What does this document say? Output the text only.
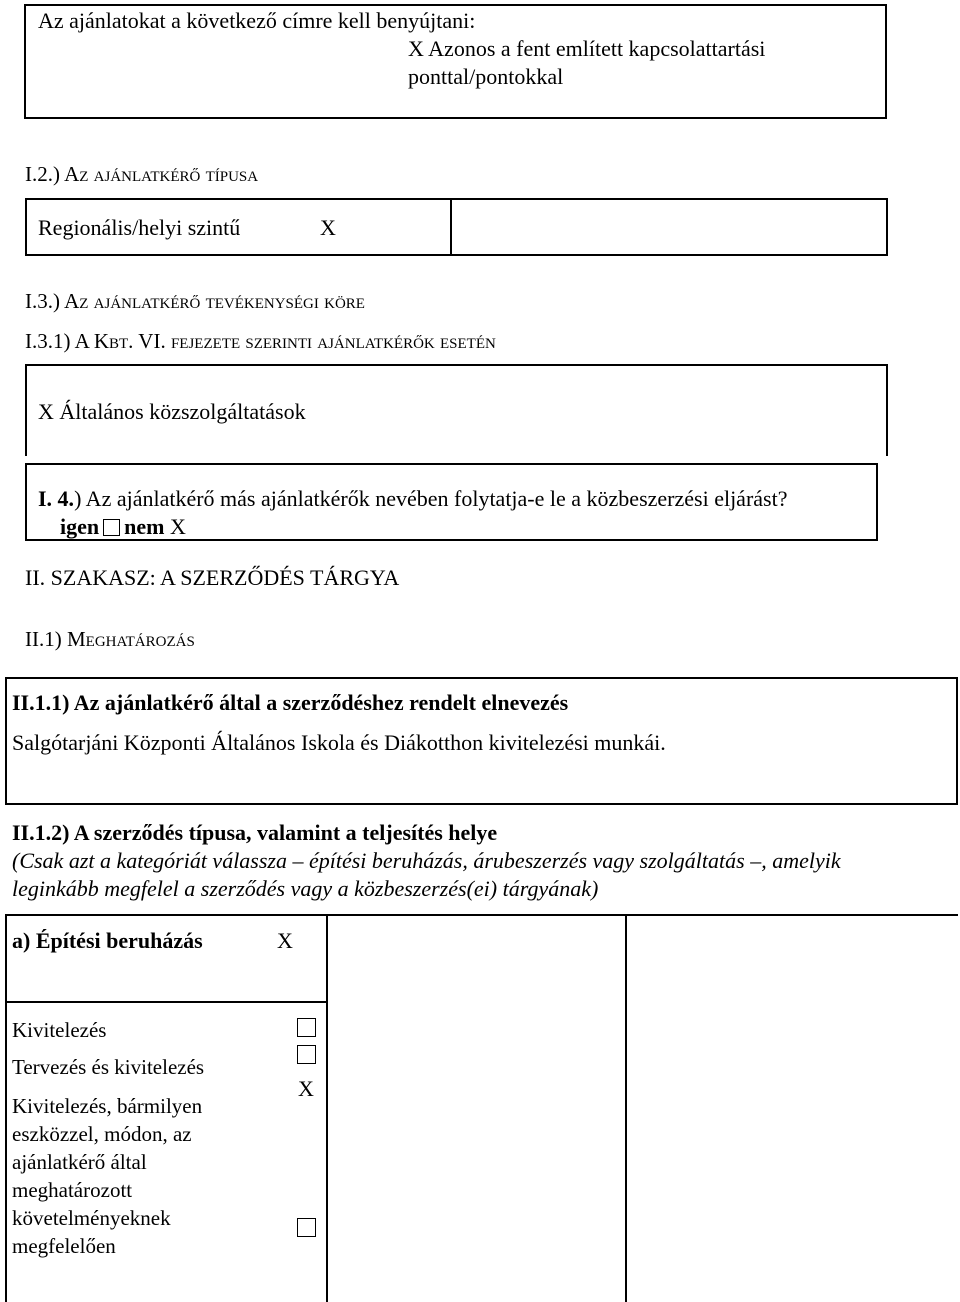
Az ajánlatokat a következő címre kell benyújtani:
X Azonos a fent említett kapcsolattartási
ponttal/pontokkal
I.2.) Az ajánlatkérő típusa
Regionális/helyi szintű	X
I.3.) Az ajánlatkérő tevékenységi köre
I.3.1) A Kbt. VI. fejezete szerinti ajánlatkérők esetén
X Általános közszolgáltatások
I. 4.) Az ajánlatkérő más ajánlatkérők nevében folytatja-e le a közbeszerzési eljárást?
igen nem X
II. SZAKASZ: A SZERZŐDÉS TÁRGYA
II.1) Meghatározás
II.1.1) Az ajánlatkérő által a szerződéshez rendelt elnevezés
Salgótarjáni Központi Általános Iskola és Diákotthon kivitelezési munkái.
II.1.2) A szerződés típusa, valamint a teljesítés helye
(Csak azt a kategóriát válassza – építési beruházás, árubeszerzés vagy szolgáltatás –, amelyik
leginkább megfelel a szerződés vagy a közbeszerzés(ei) tárgyának)
a) Építési beruházás	X
Kivitelezés
Tervezés és kivitelezés
Kivitelezés, bármilyen
eszközzel, módon, az
ajánlatkérő által
meghatározott
követelményeknek
megfelelően
X
